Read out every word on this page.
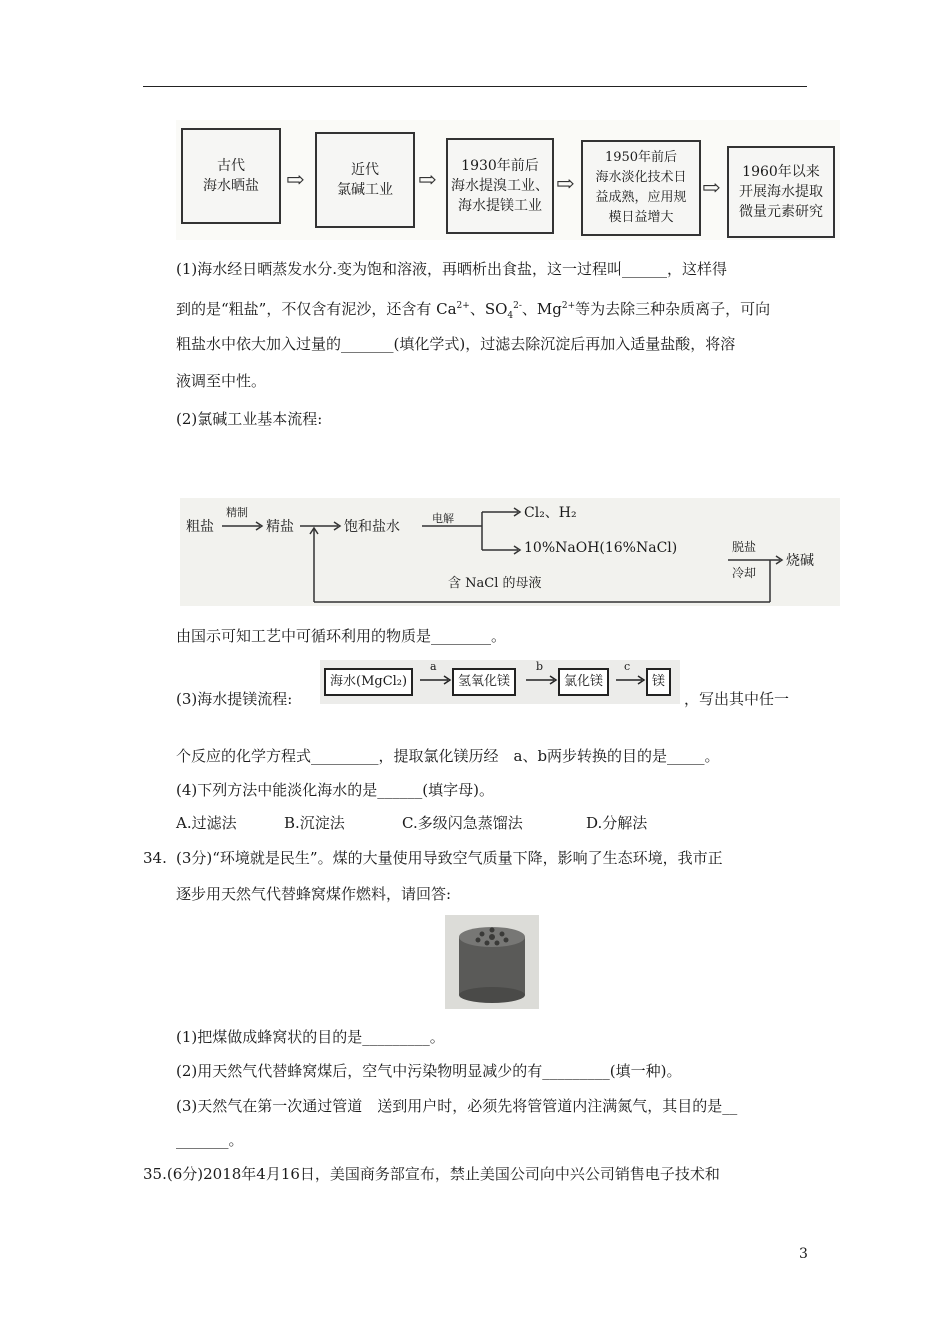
古代
海水晒盐	⇨	近代
氯碱工业	⇨
1930年前后
海水提溴工业、
海水提镁工业
⇨
1950年前后
海水淡化技术日
益成熟，应用规
模日益增大
⇨
1960年以来
开展海水提取
微量元素研究
(1)海水经日晒蒸发水分.变为饱和溶液，再晒析出食盐，这一过程叫______，这样得
到的是“粗盐”，不仅含有泥沙，还含有 $Ca^{2+}$、$SO_4^{2-}$、$Mg^{2+}$等为去除三种杂质离子，可向
粗盐水中依大加入过量的_______(填化学式)，过滤去除沉淀后再加入适量盐酸，将溶
液调至中性。
(2)氯碱工业基本流程:
粗盐
精制
精盐	饱和盐水
电解	Cl₂、H₂
10%NaOH(16%NaCl)	脱盐
冷却
烧碱
含 NaCl 的母液
由国示可知工艺中可循环利用的物质是________。
(3)海水提镁流程:
海水(MgCl₂)
a
氢氧化镁
b
氯化镁
c
镁
，写出其中任一
个反应的化学方程式_________，提取氯化镁历经　a、b两步转换的目的是_____。
(4)下列方法中能淡化海水的是______(填字母)。
A.过滤法	B.沉淀法	C.多级闪急蒸馏法	D.分解法
34. (3分)“环境就是民生”。煤的大量使用导致空气质量下降，影响了生态环境，我市正
逐步用天然气代替蜂窝煤作燃料，请回答:
(1)把煤做成蜂窝状的目的是_________。
(2)用天然气代替蜂窝煤后，空气中污染物明显减少的有_________(填一种)。
(3)天然气在第一次通过管道　送到用户时，必须先将管管道内注满氮气，其目的是__
_______。
35.(6分)2018年4月16日，美国商务部宣布，禁止美国公司向中兴公司销售电子技术和
3
